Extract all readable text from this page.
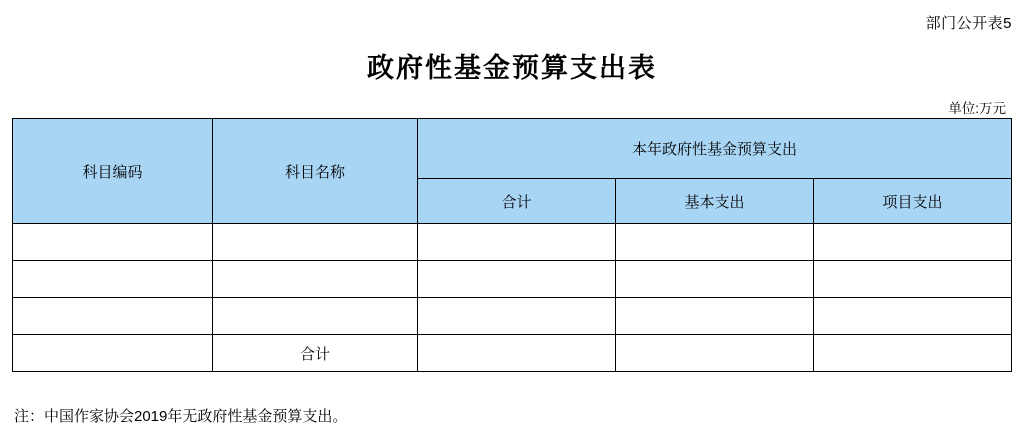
部门公开表5
政府性基金预算支出表
单位:万元
科目编码	科目名称	本年政府性基金预算支出		
		合计	基本支出	项目支出

	合计			
注：中国作家协会2019年无政府性基金预算支出。
